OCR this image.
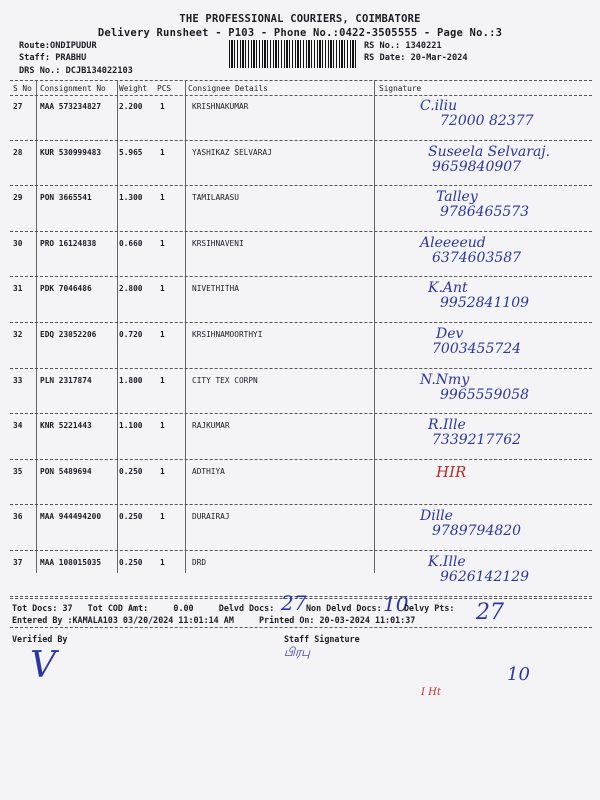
THE PROFESSIONAL COURIERS, COIMBATORE
Delivery Runsheet - P103 - Phone No.:0422-3505555 - Page No.:3
Route:ONDIPUDUR
Staff: PRABHU
DRS No.: DCJB134022103
RS No.: 1340221
RS Date: 20-Mar-2024
S No Consignment No Weight PCS Consignee Details	Signature
27 MAA 573234827 2.200 1	KRISHNAKUMAR	C.iliu
72000 82377
28 KUR 530999483 5.965 1	YASHIKAZ SELVARAJ	Suseela Selvaraj.
9659840907
29 PON 3665541	1.300 1	TAMILARASU	Talley
9786465573
30 PRO 16124838	0.660 1	KRSIHNAVENI	Aleeeeud
6374603587
31 PDK 7046486	2.800 1	NIVETHITHA	K.Ant
9952841109
32 EDQ 23852206	0.720 1	KRSIHNAMOORTHYI	Dev
7003455724
33 PLN 2317874	1.800 1	CITY TEX CORPN	N.Nmy
9965559058
34 KNR 5221443	1.100 1	RAJKUMAR	R.Ille
7339217762
35 PON 5489694	0.250 1	ADTHIYA	HIR
36 MAA 944494200 0.250 1	DURAIRAJ	Dille
9789794820
37 MAA 108015035 0.250 1	DRD	K.Ille
9626142129
Tot Docs: 37 Tot COD Amt:	0.00	Delvd Docs: 27 Non Delvd Docs: 10
Delvy Pts: 27
Entered By :KAMALA103 03/20/2024 11:01:14 AM	Printed On: 20-03-2024 11:01:37
Verified By	Staff Signature
பிரபு
V	10
I Ht
